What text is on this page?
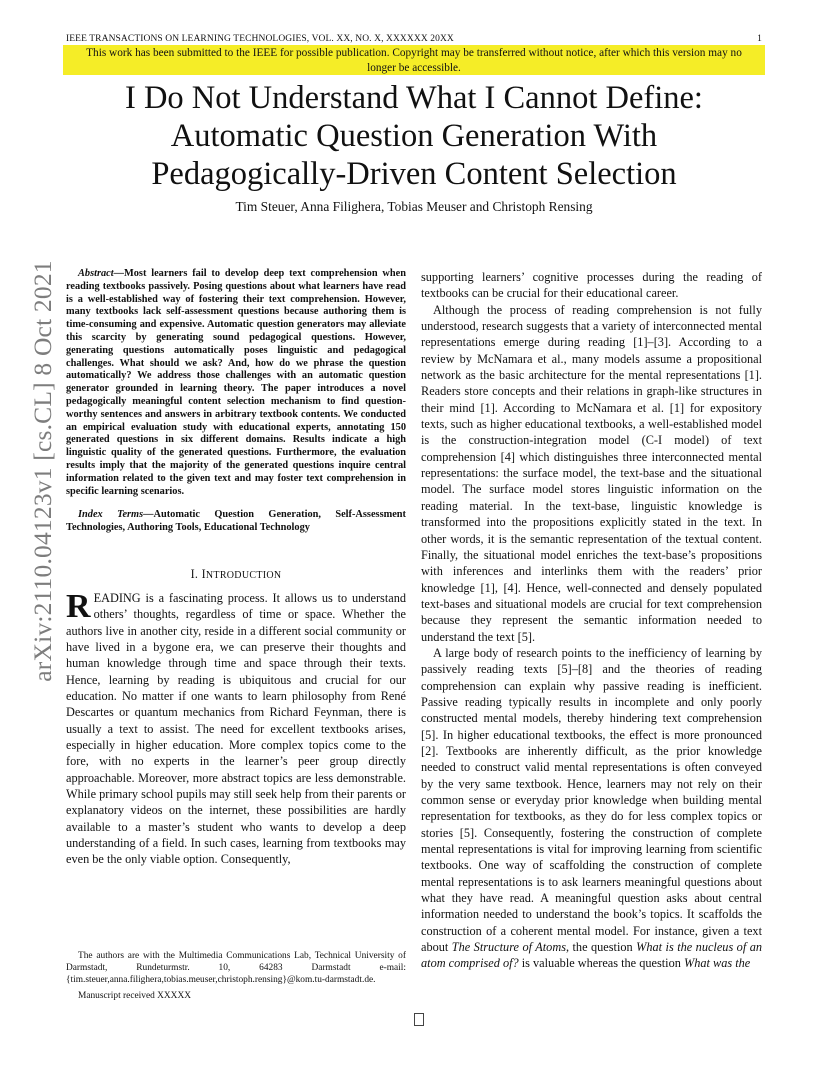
IEEE TRANSACTIONS ON LEARNING TECHNOLOGIES, VOL. XX, NO. X, XXXXXX 20XX	1
This work has been submitted to the IEEE for possible publication. Copyright may be transferred without notice, after which this version may no longer be accessible.
I Do Not Understand What I Cannot Define:
Automatic Question Generation With
Pedagogically-Driven Content Selection
Tim Steuer, Anna Filighera, Tobias Meuser and Christoph Rensing
arXiv:2110.04123v1 [cs.CL] 8 Oct 2021	Abstract—Most learners fail to develop deep text comprehension when reading textbooks passively. Posing questions about what learners have read is a well-established way of fostering their text comprehension. However, many textbooks lack self-assessment questions because authoring them is time-consuming and expensive. Automatic question generators may alleviate this scarcity by generating sound pedagogical questions. However, generating questions automatically poses linguistic and pedagogical challenges. What should we ask? And, how do we phrase the question automatically? We address those challenges with an automatic question generator grounded in learning theory. The paper introduces a novel pedagogically meaningful content selection mechanism to find question-worthy sentences and answers in arbitrary textbook contents. We conducted an empirical evaluation study with educational experts, annotating 150 generated questions in six different domains. Results indicate a high linguistic quality of the generated questions. Furthermore, the evaluation results imply that the majority of the generated questions inquire central information related to the given text and may foster text comprehension in specific learning scenarios.

Index Terms—Automatic Question Generation, Self-Assessment Technologies, Authoring Tools, Educational Technology

I. INTRODUCTION

READING is a fascinating process. It allows us to understand others’ thoughts, regardless of time or space. Whether the authors live in another city, reside in a different social community or have lived in a bygone era, we can preserve their thoughts and human knowledge through time and space through their texts. Hence, learning by reading is ubiquitous and crucial for our education. No matter if one wants to learn philosophy from René Descartes or quantum mechanics from Richard Feynman, there is usually a text to assist. The need for excellent textbooks arises, especially in higher education. More complex topics come to the fore, with no experts in the learner’s peer group directly approachable. Moreover, more abstract topics are less demonstrable. While primary school pupils may still seek help from their parents or explanatory videos on the internet, these possibilities are hardly available to a master’s student who wants to develop a deep understanding of a field. In such cases, learning from textbooks may even be the only viable option. Consequently,

The authors are with the Multimedia Communications Lab, Technical University of Darmstadt, Rundeturmstr. 10, 64283 Darmstadt e-mail: {tim.steuer,anna.filighera,tobias.meuser,christoph.rensing}@kom.tu-darmstadt.de.

Manuscript received XXXXX

supporting learners’ cognitive processes during the reading of textbooks can be crucial for their educational career.

Although the process of reading comprehension is not fully understood, research suggests that a variety of interconnected mental representations emerge during reading [1]–[3]. According to a review by McNamara et al., many models assume a propositional network as the basic architecture for the mental representations [1]. Readers store concepts and their relations in graph-like structures in their mind [1]. According to McNamara et al. [1] for expository texts, such as higher educational textbooks, a well-established model is the construction-integration model (C-I model) of text comprehension [4] which distinguishes three interconnected mental representations: the surface model, the text-base and the situational model. The surface model stores linguistic information on the reading material. In the text-base, linguistic knowledge is transformed into the propositions explicitly stated in the text. In other words, it is the semantic representation of the textual content. Finally, the situational model enriches the text-base’s propositions with inferences and interlinks them with the readers’ prior knowledge [1], [4]. Hence, well-connected and densely populated text-bases and situational models are crucial for text comprehension because they represent the semantic information needed to understand the text [5].

A large body of research points to the inefficiency of learning by passively reading texts [5]–[8] and the theories of reading comprehension can explain why passive reading is inefficient. Passive reading typically results in incomplete and only poorly constructed mental models, thereby hindering text comprehension [5]. In higher educational textbooks, the effect is more pronounced [2]. Textbooks are inherently difficult, as the prior knowledge needed to construct valid mental representations is often conveyed by the very same textbook. Hence, learners may not rely on their common sense or everyday prior knowledge when building mental representation for textbooks, as they do for less complex topics or stories [5]. Consequently, fostering the construction of complete mental representations is vital for improving learning from scientific textbooks. One way of scaffolding the construction of complete mental representations is to ask learners meaningful questions about what they have read. A meaningful question asks about central information needed to understand the book’s topics. It scaffolds the construction of a coherent mental model. For instance, given a text about The Structure of Atoms, the question What is the nucleus of an atom comprised of? is valuable whereas the question What was the
